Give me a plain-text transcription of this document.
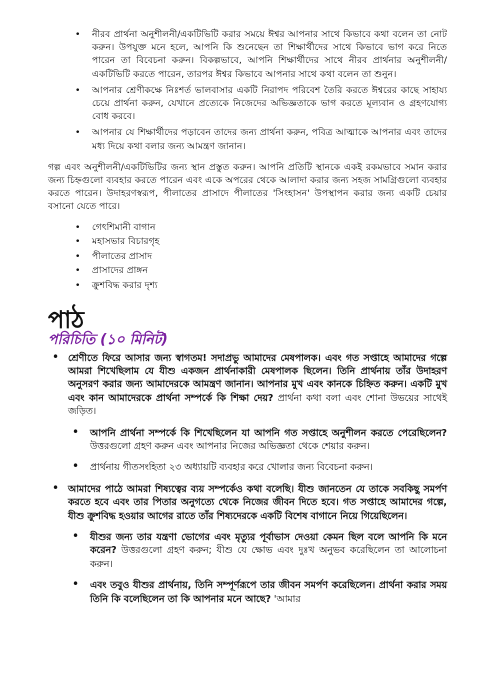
• নীরব প্রার্থনা অনুশীলনী/একটিভিটি করার সময়ে ঈশ্বর আপনার সাথে কিভাবে কথা বলেন তা নোট করুন। উপযুক্ত মনে হলে, আপনি কি শুনেছেন তা শিক্ষার্থীদের সাথে কিভাবে ভাগ করে নিতে পারেন তা বিবেচনা করুন। বিকল্পভাবে, আপনি শিক্ষার্থীদের সাথে নীরব প্রার্থনার অনুশীলনী/একটিভিটি করতে পারেন, তারপর ঈশ্বর কিভাবে আপনার সাথে কথা বলেন তা শুনুন।
• আপনার শ্রেণীকক্ষে নিঃশর্ত ভালবাসার একটি নিরাপদ পরিবেশ তৈরি করতে ঈশ্বরের কাছে সাহায্য চেয়ে প্রার্থনা করুন, যেখানে প্রত্যেকে নিজেদের অভিজ্ঞতাকে ভাগ করতে মূল্যবান ও গ্রহণযোগ্য বোধ করবে।
• আপনার যে শিক্ষার্থীদের পড়াবেন তাদের জন্য প্রার্থনা করুন, পবিত্র আত্মাকে আপনার এবং তাদের মধ্য দিয়ে কথা বলার জন্য আমন্ত্রণ জানান।

গল্প এবং অনুশীলনী/একটিভিটির জন্য স্থান প্রস্তুত করুন। আপনি প্রতিটি স্থানকে একই রকমভাবে সমান করার জন্য চিহ্নগুলো ব্যবহার করতে পারেন এবং একে অপরের থেকে আলাদা করার জন্য সহজ সামগ্রিগুলো ব্যবহার করতে পারেন। উদাহরণস্বরূপ, পীলাতের প্রাসাদে পীলাতের 'সিংহাসন' উপস্থাপন করার জন্য একটি চেয়ার বসানো যেতে পারে।

• গেৎশিমানী বাগান
• মহাসভার বিচারগৃহ
• পীলাতের প্রাসাদ
• প্রাসাদের প্রাঙ্গন
• ক্রুশবিদ্ধ করার দৃশ্য
পাঠ
পরিচিতি (১০ মিনিট)
• শ্রেণীতে ফিরে আসার জন্য স্বাগতম! সদাপ্রভু আমাদের মেষপালক। এবং গত সপ্তাহে আমাদের গল্পে আমরা শিখেছিলাম যে যীশু একজন প্রার্থনাকারী মেষপালক ছিলেন। তিনি প্রার্থনায় তাঁর উদাহরণ অনুসরণ করার জন্য আমাদেরকে আমন্ত্রণ জানান। আপনার মুখ এবং কানকে চিহ্নিত করুন। একটি মুখ এবং কান আমাদেরকে প্রার্থনা সম্পর্কে কি শিক্ষা দেয়? প্রার্থনা কথা বলা এবং শোনা উভয়ের সাথেই জড়িত।
• আপনি প্রার্থনা সম্পর্কে কি শিখেছিলেন যা আপনি গত সপ্তাহে অনুশীলন করতে পেরেছিলেন? উত্তরগুলো গ্রহণ করুন এবং আপনার নিজের অভিজ্ঞতা থেকে শেয়ার করুন।
• প্রার্থনায় গীতসংহিতা ২৩ অধ্যায়টি ব্যবহার করে খোলার জন্য বিবেচনা করুন।
• আমাদের পাঠে আমরা শিষ্যত্বের ব্যয় সম্পর্কেও কথা বলেছি। যীশু জানতেন যে তাকে সবকিছু সমর্পণ করতে হবে এবং তার পিতার অনুগত্যে থেকে নিজের জীবন দিতে হবে। গত সপ্তাহে আমাদের গল্পে, যীশু ক্রুশবিদ্ধ হওয়ার আগের রাতে তাঁর শিষ্যদেরকে একটি বিশেষ বাগানে নিয়ে গিয়েছিলেন।
• যীশুর জন্য তার যন্ত্রণা ভোগের এবং মৃত্যুর পূর্বাভাস দেওয়া কেমন ছিল বলে আপনি কি মনে করেন? উত্তরগুলো গ্রহণ করুন; যীশু যে ক্ষোভ এবং দুঃখ অনুভব করেছিলেন তা আলোচনা করুন।
• এবং তবুও যীশুর প্রার্থনায়, তিনি সম্পূর্ণরূপে তার জীবন সমর্পণ করেছিলেন। প্রার্থনা করার সময় তিনি কি বলেছিলেন তা কি আপনার মনে আছে? 'আমার
